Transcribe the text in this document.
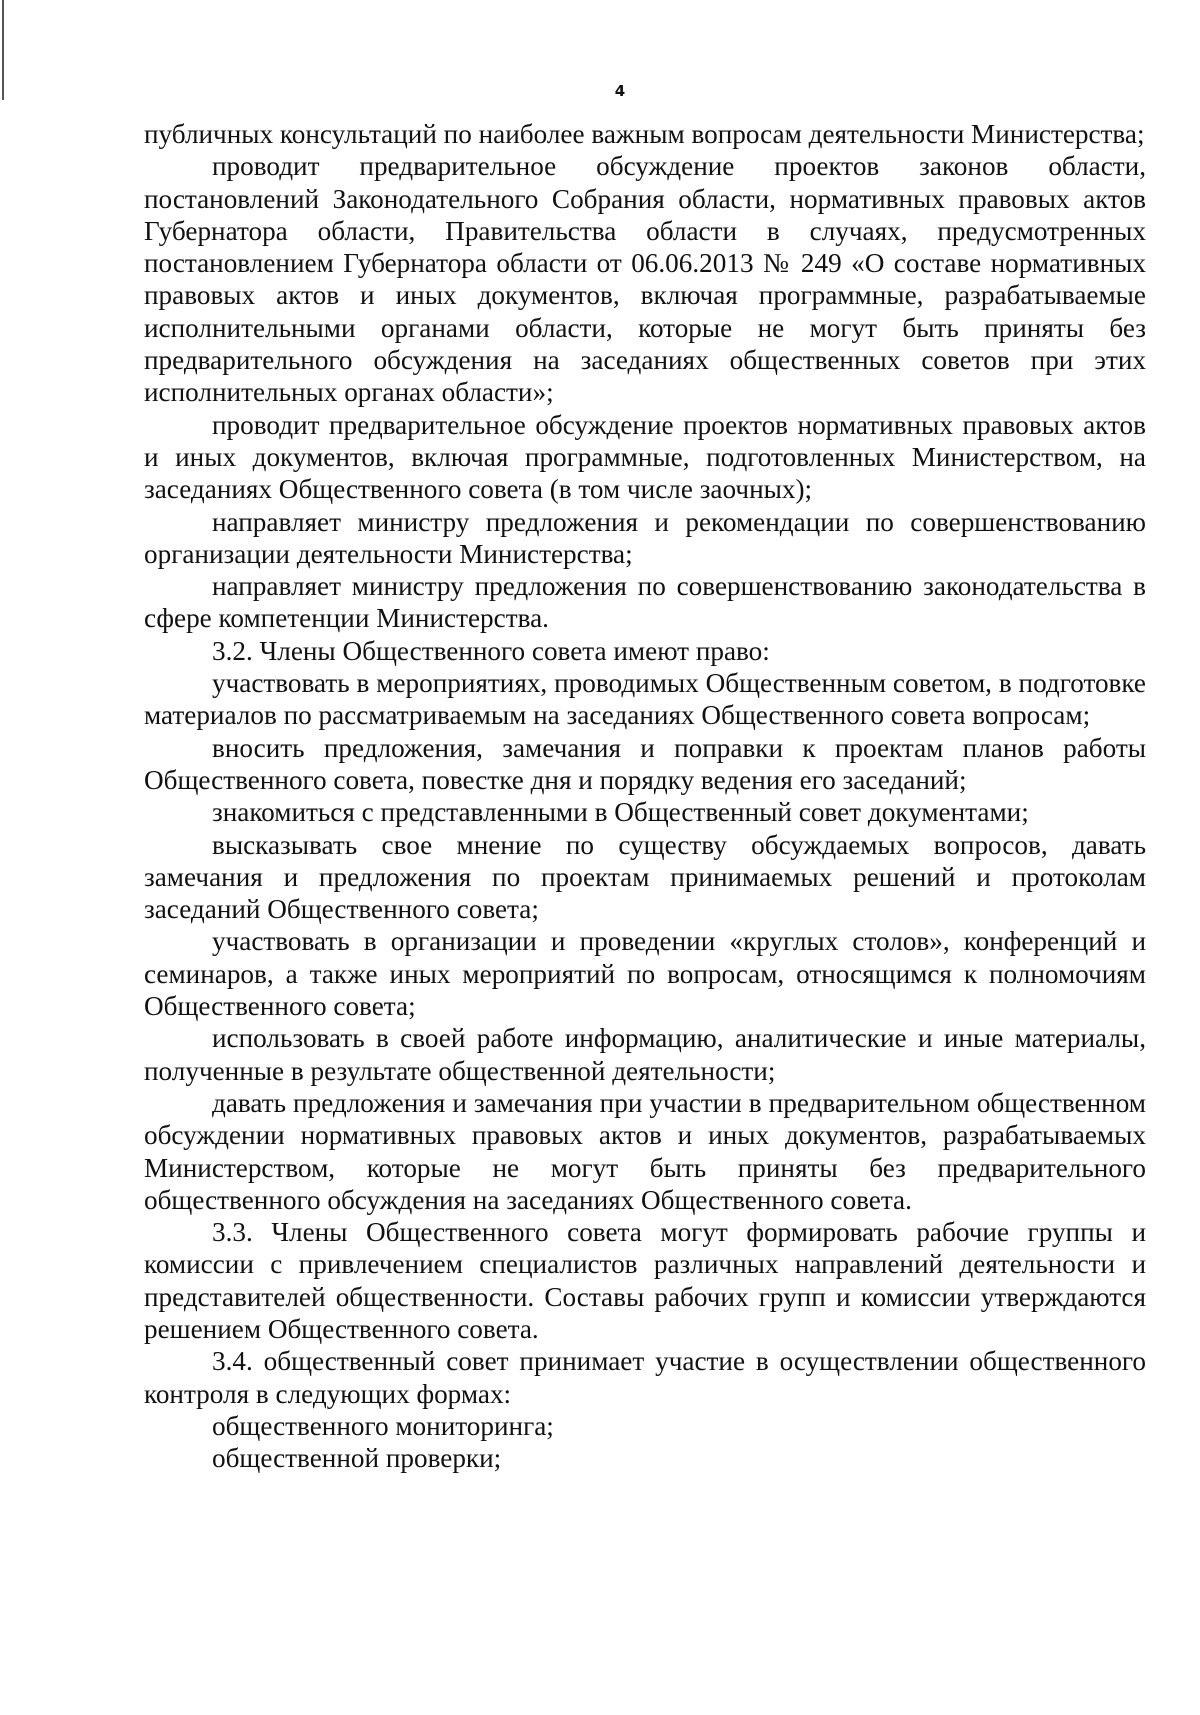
4

публичных консультаций по наиболее важным вопросам деятельности Министерства;

проводит предварительное обсуждение проектов законов области, постановлений Законодательного Собрания области, нормативных правовых актов Губернатора области, Правительства области в случаях, предусмотренных постановлением Губернатора области от 06.06.2013 № 249 «О составе нормативных правовых актов и иных документов, включая программные, разрабатываемые исполнительными органами области, которые не могут быть приняты без предварительного обсуждения на заседаниях общественных советов при этих исполнительных органах области»;

проводит предварительное обсуждение проектов нормативных правовых актов и иных документов, включая программные, подготовленных Министерством, на заседаниях Общественного совета (в том числе заочных);

направляет министру предложения и рекомендации по совершенствованию организации деятельности Министерства;

направляет министру предложения по совершенствованию законодательства в сфере компетенции Министерства.

3.2. Члены Общественного совета имеют право:

участвовать в мероприятиях, проводимых Общественным советом, в подготовке материалов по рассматриваемым на заседаниях Общественного совета вопросам;

вносить предложения, замечания и поправки к проектам планов работы Общественного совета, повестке дня и порядку ведения его заседаний;

знакомиться с представленными в Общественный совет документами;

высказывать свое мнение по существу обсуждаемых вопросов, давать замечания и предложения по проектам принимаемых решений и протоколам заседаний Общественного совета;

участвовать в организации и проведении «круглых столов», конференций и семинаров, а также иных мероприятий по вопросам, относящимся к полномочиям Общественного совета;

использовать в своей работе информацию, аналитические и иные материалы, полученные в результате общественной деятельности;

давать предложения и замечания при участии в предварительном общественном обсуждении нормативных правовых актов и иных документов, разрабатываемых Министерством, которые не могут быть приняты без предварительного общественного обсуждения на заседаниях Общественного совета.

3.3. Члены Общественного совета могут формировать рабочие группы и комиссии с привлечением специалистов различных направлений деятельности и представителей общественности. Составы рабочих групп и комиссии утверждаются решением Общественного совета.

3.4. общественный совет принимает участие в осуществлении общественного контроля в следующих формах:

общественного мониторинга;

общественной проверки;
